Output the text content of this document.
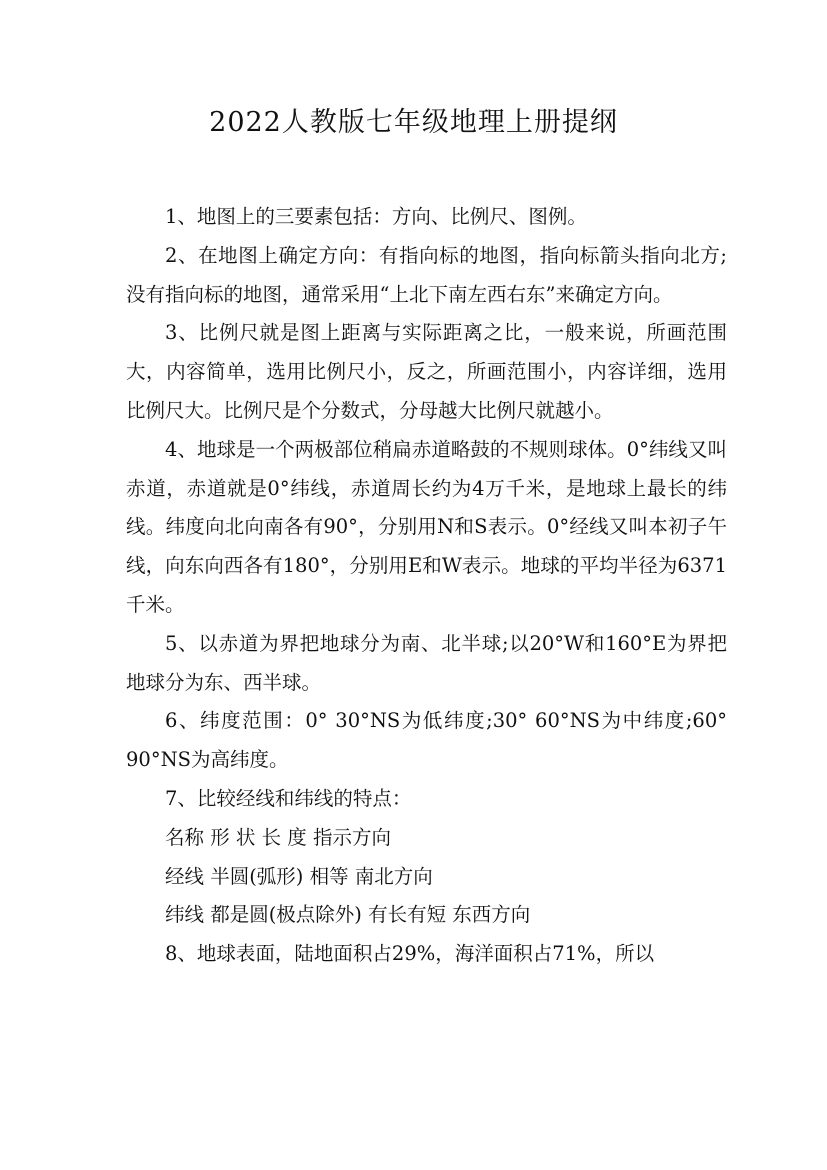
2022人教版七年级地理上册提纲

1、地图上的三要素包括：方向、比例尺、图例。

2、在地图上确定方向：有指向标的地图，指向标箭头指向北方;没有指向标的地图，通常采用“上北下南左西右东”来确定方向。

3、比例尺就是图上距离与实际距离之比，一般来说，所画范围大，内容简单，选用比例尺小，反之，所画范围小，内容详细，选用比例尺大。比例尺是个分数式，分母越大比例尺就越小。

4、地球是一个两极部位稍扁赤道略鼓的不规则球体。0°纬线又叫赤道，赤道就是0°纬线，赤道周长约为4万千米，是地球上最长的纬线。纬度向北向南各有90°，分别用N和S表示。0°经线又叫本初子午线，向东向西各有180°，分别用E和W表示。地球的平均半径为6371千米。

5、以赤道为界把地球分为南、北半球;以20°W和160°E为界把地球分为东、西半球。

6、纬度范围：0° 30°NS为低纬度;30° 60°NS为中纬度;60° 90°NS为高纬度。

7、比较经线和纬线的特点：

名称 形 状 长 度 指示方向

经线 半圆(弧形) 相等 南北方向

纬线 都是圆(极点除外) 有长有短 东西方向

8、地球表面，陆地面积占29%，海洋面积占71%，所以
